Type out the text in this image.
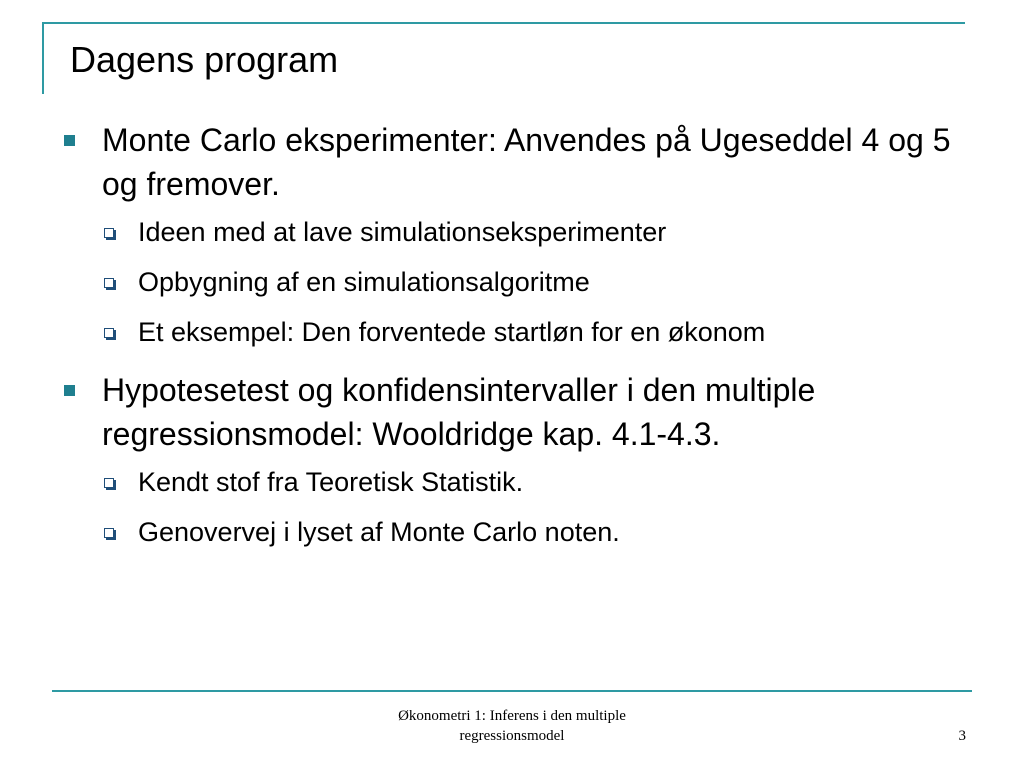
Dagens program
Monte Carlo eksperimenter: Anvendes på Ugeseddel 4 og 5 og fremover.
Ideen med at lave simulationseksperimenter
Opbygning af en simulationsalgoritme
Et eksempel: Den forventede startløn for en økonom
Hypotesetest og konfidensintervaller i den multiple regressionsmodel: Wooldridge kap. 4.1-4.3.
Kendt stof fra Teoretisk Statistik.
Genovervej i lyset af Monte Carlo noten.
Økonometri 1: Inferens i den multiple
regressionsmodel	3
